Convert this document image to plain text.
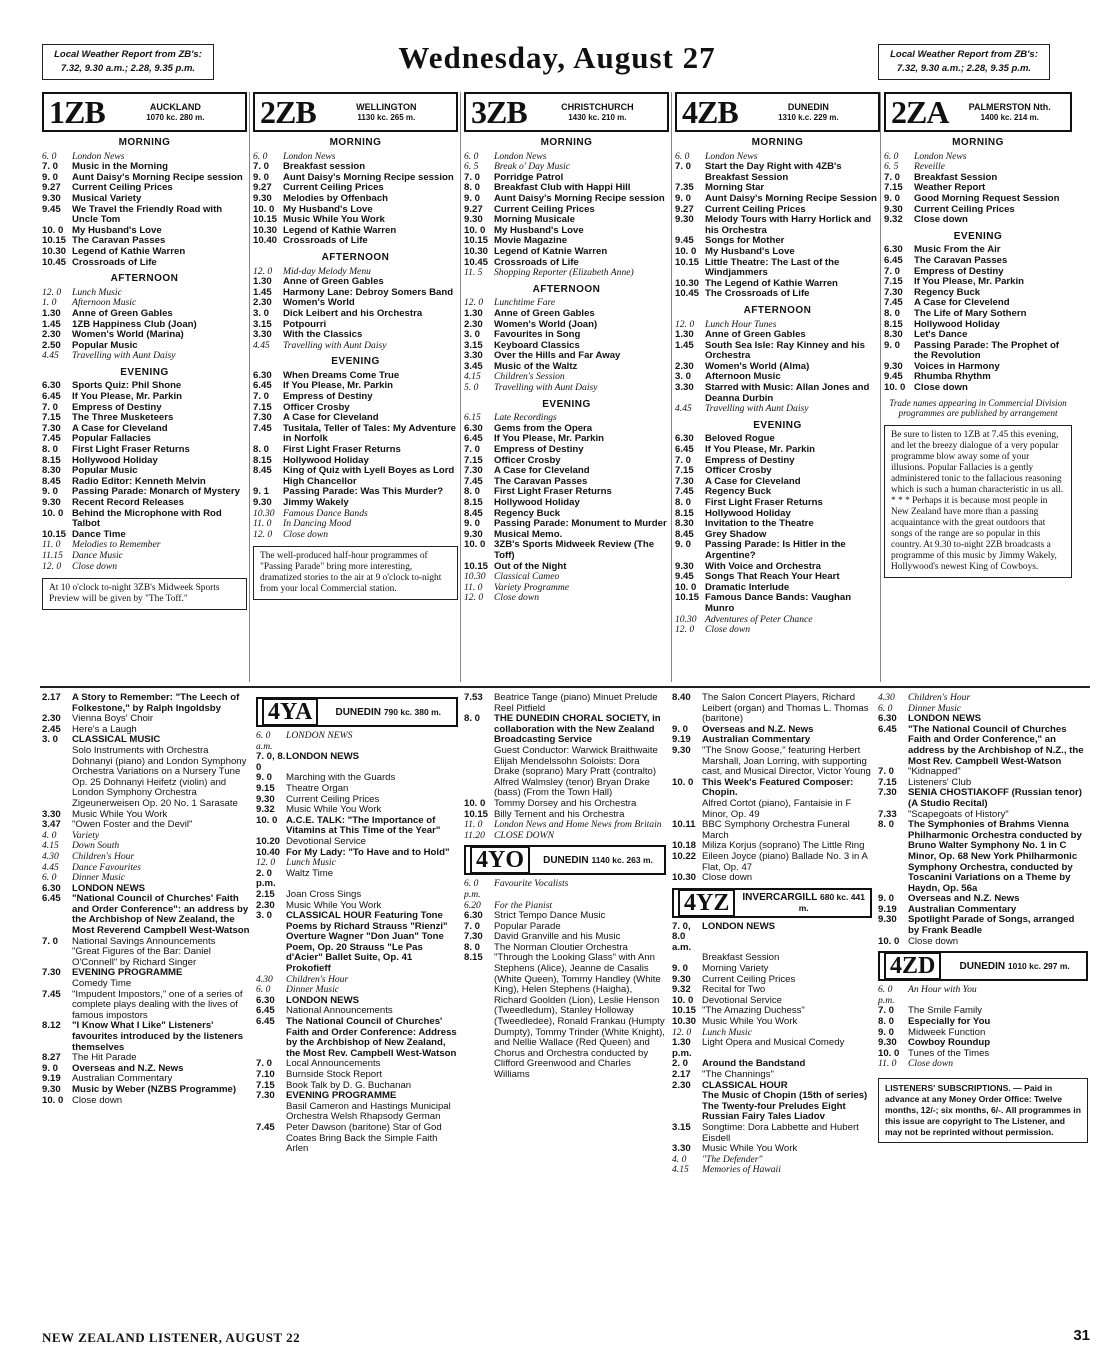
Local Weather Report from ZB's: 7.32, 9.30 a.m.; 2.28, 9.35 p.m.	Wednesday, August 27	Local Weather Report from ZB's: 7.32, 9.30 a.m.; 2.28, 9.35 p.m.
1ZB	AUCKLAND
1070 kc. 280 m.
MORNING
6. 0	London News
7. 0	Music in the Morning
9. 0	Aunt Daisy's Morning Recipe session
9.27	Current Ceiling Prices
9.30	Musical Variety
9.45	We Travel the Friendly Road with Uncle Tom
10. 0 My Husband's Love
10.15 The Caravan Passes
10.30 Legend of Kathie Warren
10.45 Crossroads of Life
AFTERNOON
12. 0	Lunch Music
1. 0	Afternoon Music
1.30	Anne of Green Gables
1.45	1ZB Happiness Club (Joan)
2.30	Women's World (Marina)
2.50	Popular Music
4.45	Travelling with Aunt Daisy
EVENING
6.30	Sports Quiz: Phil Shone
6.45	If You Please, Mr. Parkin
7. 0	Empress of Destiny
7.15	The Three Musketeers
7.30	A Case for Cleveland
7.45	Popular Fallacies
8. 0	First Light Fraser Returns
8.15	Hollywood Holiday
8.30	Popular Music
8.45	Radio Editor: Kenneth Melvin
9. 0	Passing Parade: Monarch of Mystery
9.30	Recent Record Releases
10. 0 Behind the Microphone with Rod Talbot
10.15 Dance Time
11. 0	Melodies to Remember
11.15 Dance Music
12. 0	Close down
At 10 o'clock to-night 3ZB's Midweek Sports Preview will be given by "The Toff."
2ZB	WELLINGTON
1130 kc. 265 m.
MORNING
6. 0	London News
7. 0	Breakfast session
9. 0	Aunt Daisy's Morning Recipe session
9.27	Current Ceiling Prices
9.30	Melodies by Offenbach
10. 0 My Husband's Love
10.15 Music While You Work
10.30 Legend of Kathie Warren
10.40 Crossroads of Life
AFTERNOON
12. 0	Mid-day Melody Menu
1.30	Anne of Green Gables
1.45	Harmony Lane: Debroy Somers Band
2.30	Women's World
3. 0	Dick Leibert and his Orchestra
3.15	Potpourri
3.30	With the Classics
4.45	Travelling with Aunt Daisy
EVENING
6.30	When Dreams Come True
6.45	If You Please, Mr. Parkin
7. 0	Empress of Destiny
7.15	Officer Crosby
7.30	A Case for Cleveland
7.45	Tusitala, Teller of Tales: My Adventure in Norfolk
8. 0	First Light Fraser Returns
8.15	Hollywood Holiday
8.45	King of Quiz with Lyell Boyes as Lord High Chancellor
9. 1	Passing Parade: Was This Murder?
9.30	Jimmy Wakely
10.30 Famous Dance Bands
11. 0	In Dancing Mood
12. 0	Close down
The well-produced half-hour programmes of "Passing Parade" bring more interesting, dramatized stories to the air at 9 o'clock to-night from your local Commercial station.
3ZB	CHRISTCHURCH
1430 kc. 210 m.
MORNING
6. 0	London News
6. 5	Break o' Day Music
7. 0	Porridge Patrol
8. 0	Breakfast Club with Happi Hill
9. 0	Aunt Daisy's Morning Recipe session
9.27	Current Ceiling Prices
9.30	Morning Musicale
10. 0 My Husband's Love
10.15 Movie Magazine
10.30 Legend of Katnie Warren
10.45 Crossroads of Life
11. 5	Shopping Reporter (Elizabeth Anne)
AFTERNOON
12. 0	Lunchtime Fare
1.30	Anne of Green Gables
2.30	Women's World (Joan)
3. 0	Favourites in Song
3.15	Keyboard Classics
3.30	Over the Hills and Far Away
3.45	Music of the Waltz
4.15	Children's Session
5. 0	Travelling with Aunt Daisy
EVENING
6.15	Late Recordings
6.30	Gems from the Opera
6.45	If You Please, Mr. Parkin
7. 0	Empress of Destiny
7.15	Officer Crosby
7.30	A Case for Cleveland
7.45	The Caravan Passes
8. 0	First Light Fraser Returns
8.15	Hollywood Holiday
8.45	Regency Buck
9. 0	Passing Parade: Monument to Murder
9.30	Musical Memo.
10. 0 3ZB's Sports Midweek Review (The Toff)
10.15 Out of the Night
10.30 Classical Cameo
11. 0	Variety Programme
12. 0	Close down
4ZB	DUNEDIN
1310 k.c. 229 m.
MORNING
6. 0	London News
7. 0	Start the Day Right with 4ZB's Breakfast Session
7.35	Morning Star
9. 0	Aunt Daisy's Morning Recipe Session
9.27	Current Ceiling Prices
9.30	Melody Tours with Harry Horlick and his Orchestra
9.45	Songs for Mother
10. 0 My Husband's Love
10.15 Little Theatre: The Last of the Windjammers
10.30 The Legend of Kathie Warren
10.45 The Crossroads of Life
AFTERNOON
12. 0	Lunch Hour Tunes
1.30	Anne of Green Gables
1.45	South Sea Isle: Ray Kinney and his Orchestra
2.30	Women's World (Alma)
3. 0	Afternoon Music
3.30	Starred with Music: Allan Jones and Deanna Durbin
4.45	Travelling with Aunt Daisy
EVENING
6.30	Beloved Rogue
6.45	If You Please, Mr. Parkin
7. 0	Empress of Destiny
7.15	Officer Crosby
7.30	A Case for Cleveland
7.45	Regency Buck
8. 0	First Light Fraser Returns
8.15	Hollywood Holiday
8.30	Invitation to the Theatre
8.45	Grey Shadow
9. 0	Passing Parade: Is Hitler in the Argentine?
9.30	With Voice and Orchestra
9.45	Songs That Reach Your Heart
10. 0 Dramatic Interlude
10.15 Famous Dance Bands: Vaughan Munro
10.30 Adventures of Peter Chance
12. 0	Close down
2ZA	PALMERSTON Nth.
1400 kc. 214 m.
MORNING
6. 0	London News
6. 5	Reveille
7. 0	Breakfast Session
7.15	Weather Report
9. 0	Good Morning Request Session
9.30	Current Ceiling Prices
9.32	Close down
EVENING
6.30	Music From the Air
6.45	The Caravan Passes
7. 0	Empress of Destiny
7.15	If You Please, Mr. Parkin
7.30	Regency Buck
7.45	A Case for Clevelend
8. 0	The Life of Mary Sothern
8.15	Hollywood Holiday
8.30	Let's Dance
9. 0	Passing Parade: The Prophet of the Revolution
9.30	Voices in Harmony
9.45	Rhumba Rhythm
10. 0 Close down
Trade names appearing in Commercial Division programmes are published by arrangement
Be sure to listen to 1ZB at 7.45 this evening, and let the breezy dialogue of a very popular programme blow away some of your illusions. Popular Fallacies is a gently administered tonic to the fallacious reasoning which is such a human characteristic in us all. * * * Perhaps it is because most people in New Zealand have more than a passing acquaintance with the great outdoors that songs of the range are so popular in this country. At 9.30 to-night 2ZB broadcasts a programme of this music by Jimmy Wakely, Hollywood's newest King of Cowboys.
2.17	A Story to Remember: "The Leech of Folkestone," by Ralph Ingoldsby
2.30	Vienna Boys' Choir
2.45	Here's a Laugh
3. 0	CLASSICAL MUSIC
Solo Instruments with Orchestra Dohnanyi (piano) and London Symphony Orchestra Variations on a Nursery Tune Op. 25 Dohnanyi Heifetz (violin) and London Symphony Orchestra Zigeunerweisen Op. 20 No. 1 Sarasate
3.30	Music While You Work
3.47	"Owen Foster and the Devil"
4. 0	Variety
4.15	Down South
4.30	Children's Hour
4.45	Dance Favourites
6. 0	Dinner Music
6.30	LONDON NEWS
6.45	"National Council of Churches' Faith and Order Conference": an address by the Archbishop of New Zealand, the Most Reverend Campbell West-Watson
7. 0	National Savings Announcements
"Great Figures of the Bar: Daniel O'Connell" by Richard Singer
7.30	EVENING PROGRAMME
Comedy Time
7.45	"Impudent Impostors," one of a series of complete plays dealing with the lives of famous impostors
8.12	"I Know What I Like" Listeners' favourites introduced by the listeners themselves
8.27	The Hit Parade
9. 0	Overseas and N.Z. News
9.19	Australian Commentary
9.30	Music by Weber (NZBS Programme)
10. 0 Close down
4YA	DUNEDIN 790 kc. 380 m.
6. 0 a.m.
LONDON NEWS
7. 0, 8. 0
LONDON NEWS
9. 0	Marching with the Guards
9.15	Theatre Organ
9.30	Current Ceiling Prices
9.32	Music While You Work
10. 0 A.C.E. TALK: "The Importance of Vitamins at This Time of the Year"
10.20 Devotional Service
10.40 For My Lady: "To Have and to Hold"
12. 0	Lunch Music
2. 0 p.m.
Waltz Time
2.15	Joan Cross Sings
2.30	Music While You Work
3. 0	CLASSICAL HOUR Featuring Tone Poems by Richard Strauss "Rienzi" Overture Wagner "Don Juan" Tone Poem, Op. 20 Strauss "Le Pas d'Acier" Ballet Suite, Op. 41 Prokofieff
4.30	Children's Hour
6. 0	Dinner Music
6.30	LONDON NEWS
6.45	National Announcements
6.45	The National Council of Churches' Faith and Order Conference: Address by the Archbishop of New Zealand, the Most Rev. Campbell West-Watson
7. 0	Local Announcements
7.10	Burnside Stock Report
7.15	Book Talk by D. G. Buchanan
7.30	EVENING PROGRAMME
Basil Cameron and Hastings Municipal Orchestra Welsh Rhapsody German
7.45	Peter Dawson (baritone) Star of God Coates Bring Back the Simple Faith Arlen
7.53	Beatrice Tange (piano) Minuet Prelude Reel Pitfield
8. 0	THE DUNEDIN CHORAL SOCIETY, in collaboration with the New Zealand Broadcasting Service
Guest Conductor: Warwick Braithwaite Elijah Mendelssohn Soloists: Dora Drake (soprano) Mary Pratt (contralto) Alfred Walmsley (tenor) Bryan Drake (bass) (From the Town Hall)
10. 0 Tommy Dorsey and his Orchestra
10.15 Billy Ternent and his Orchestra
11. 0	London News and Home News from Britain
11.20 CLOSE DOWN
4YO	DUNEDIN 1140 kc. 263 m.
6. 0 p.m.
Favourite Vocalists
6.20	For the Pianist
6.30	Strict Tempo Dance Music
7. 0	Popular Parade
7.30	David Granville and his Music
8. 0	The Norman Cloutier Orchestra
8.15	"Through the Looking Glass" with Ann Stephens (Alice), Jeanne de Casalis (White Queen), Tommy Handley (White King), Helen Stephens (Haigha), Richard Goolden (Lion), Leslie Henson (Tweedledum), Stanley Holloway (Tweedledee), Ronald Frankau (Humpty Dumpty), Tommy Trinder (White Knight), and Nellie Wallace (Red Queen) and Chorus and Orchestra conducted by Clifford Greenwood and Charles Williams
8.40	The Salon Concert Players, Richard Leibert (organ) and Thomas L. Thomas (baritone)
9. 0	Overseas and N.Z. News
9.19	Australian Commentary
9.30	"The Snow Goose," featuring Herbert Marshall, Joan Lorring, with supporting cast, and Musical Director, Victor Young
10. 0 This Week's Featured Composer: Chopin.
Alfred Cortot (piano), Fantaisie in F Minor, Op. 49
10.11 BBC Symphony Orchestra Funeral March
10.18 Miliza Korjus (soprano) The Little Ring
10.22 Eileen Joyce (piano) Ballade No. 3 in A Flat, Op. 47
10.30 Close down
4YZ	INVERCARGILL 680 kc. 441 m.
7. 0, 8.0 a.m.
LONDON NEWS
Breakfast Session
9. 0	Morning Variety
9.30	Current Ceiling Prices
9.32	Recital for Two
10. 0 Devotional Service
10.15 "The Amazing Duchess"
10.30 Music While You Work
12. 0	Lunch Music
1.30 p.m.
Light Opera and Musical Comedy
2. 0	Around the Bandstand
2.17	"The Channings"
2.30	CLASSICAL HOUR
The Music of Chopin (15th of series) The Twenty-four Preludes Eight Russian Fairy Tales Liadov
3.15	Songtime: Dora Labbette and Hubert Eisdell
3.30	Music While You Work
4. 0	"The Defender"
4.15	Memories of Hawaii
4.30	Children's Hour
6. 0	Dinner Music
6.30	LONDON NEWS
6.45	"The National Council of Churches Faith and Order Conference," an address by the Archbishop of N.Z., the Most Rev. Campbell West-Watson
7. 0	"Kidnapped"
7.15	Listeners' Club
7.30	SENIA CHOSTIAKOFF (Russian tenor) (A Studio Recital)
7.33	"Scapegoats of History"
8. 0	The Symphonies of Brahms Vienna Philharmonic Orchestra conducted by Bruno Walter Symphony No. 1 in C Minor, Op. 68 New York Philharmonic Symphony Orchestra, conducted by Toscanini Variations on a Theme by Haydn, Op. 56a
9. 0	Overseas and N.Z. News
9.19	Australian Commentary
9.30	Spotlight Parade of Songs, arranged by Frank Beadle
10. 0 Close down
4ZD	DUNEDIN 1010 kc. 297 m.
6. 0 p.m.
An Hour with You
7. 0	The Smile Family
8. 0	Especially for You
9. 0	Midweek Function
9.30	Cowboy Roundup
10. 0 Tunes of the Times
11. 0	Close down
LISTENERS' SUBSCRIPTIONS. — Paid in advance at any Money Order Office: Twelve months, 12/-; six months, 6/-. All programmes in this issue are copyright to The Listener, and may not be reprinted without permission.
NEW ZEALAND LISTENER, AUGUST 22	31
